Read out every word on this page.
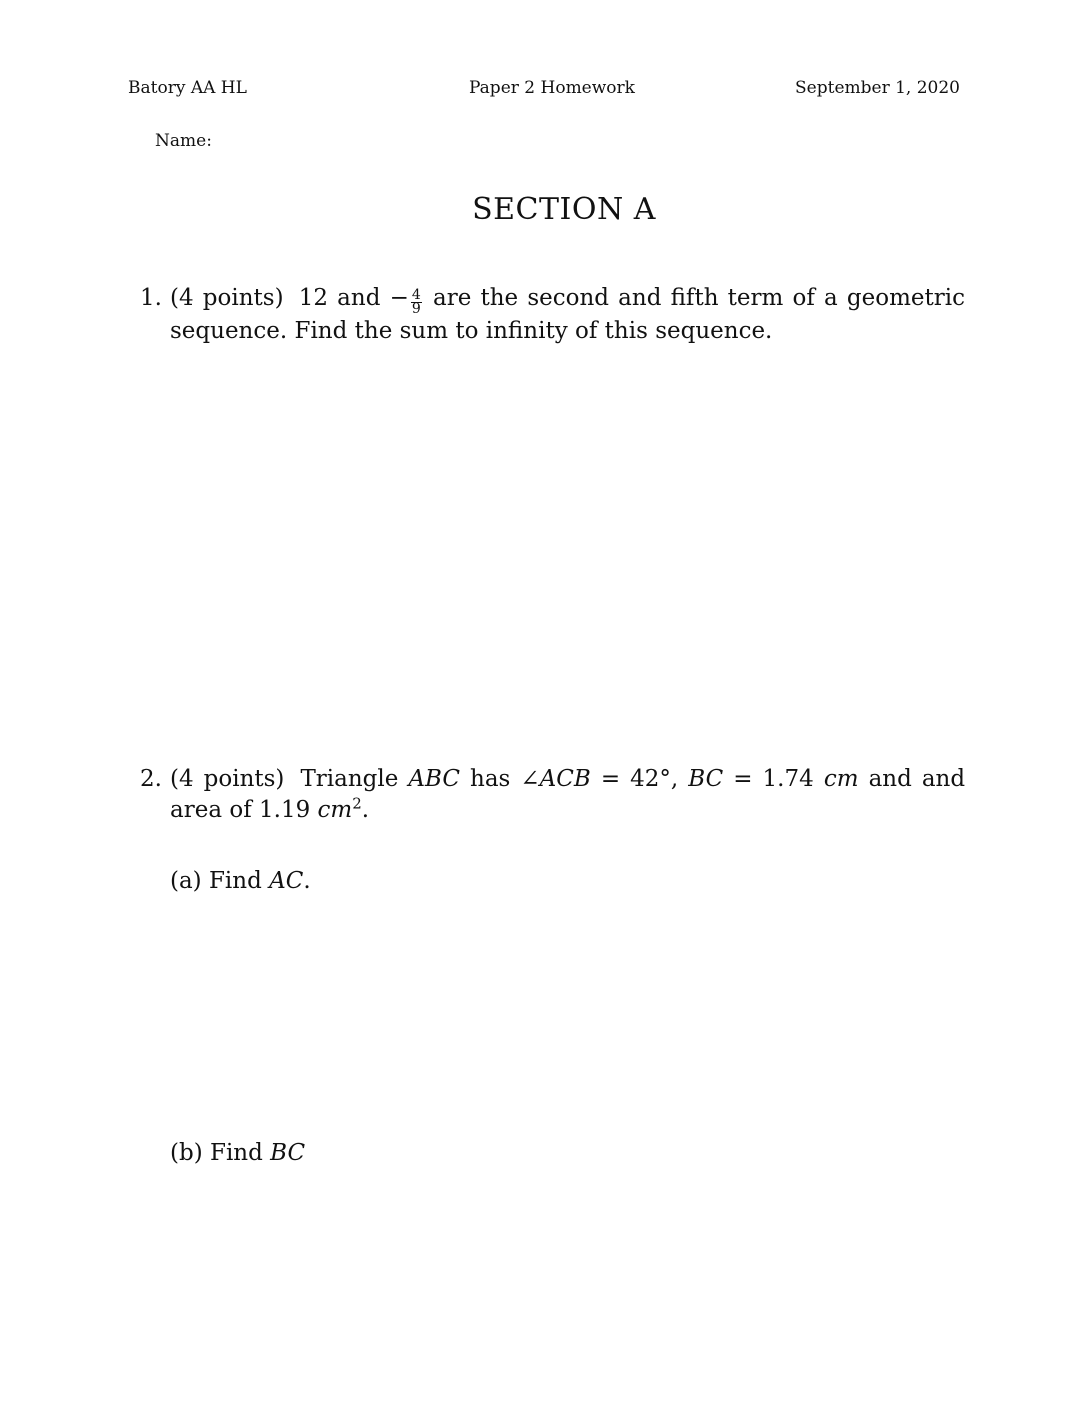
Batory AA HL	Paper 2 Homework	September 1, 2020
Name:
SECTION A
1. (4 points) 12 and − $\frac{4}{9}$ are the second and fifth term of a geometric sequence. Find the sum to infinity of this sequence.
2. (4 points) Triangle ABC has ∠ACB = 42°, BC = 1.74 cm and and area of 1.19 $cm^2$.
(a) Find AC.
(b) Find BC
